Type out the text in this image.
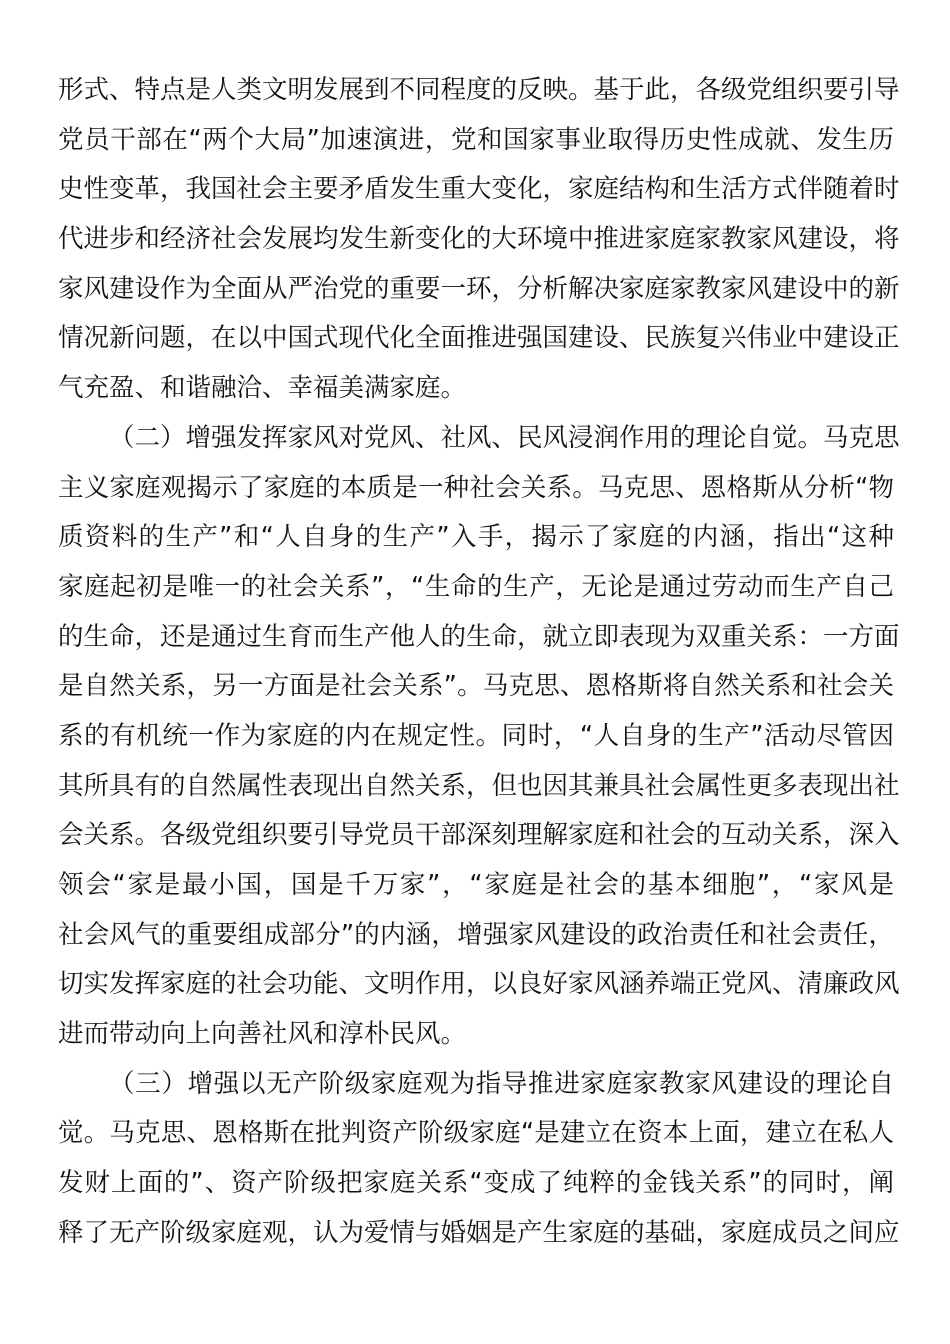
形式、特点是人类文明发展到不同程度的反映。基于此，各级党组织要引导
党员干部在“两个大局”加速演进，党和国家事业取得历史性成就、发生历
史性变革，我国社会主要矛盾发生重大变化，家庭结构和生活方式伴随着时
代进步和经济社会发展均发生新变化的大环境中推进家庭家教家风建设，将
家风建设作为全面从严治党的重要一环，分析解决家庭家教家风建设中的新
情况新问题，在以中国式现代化全面推进强国建设、民族复兴伟业中建设正
气充盈、和谐融洽、幸福美满家庭。
（二）增强发挥家风对党风、社风、民风浸润作用的理论自觉。马克思
主义家庭观揭示了家庭的本质是一种社会关系。马克思、恩格斯从分析“物
质资料的生产”和“人自身的生产”入手，揭示了家庭的内涵，指出“这种
家庭起初是唯一的社会关系”，“生命的生产，无论是通过劳动而生产自己
的生命，还是通过生育而生产他人的生命，就立即表现为双重关系：一方面
是自然关系，另一方面是社会关系”。马克思、恩格斯将自然关系和社会关
系的有机统一作为家庭的内在规定性。同时，“人自身的生产”活动尽管因
其所具有的自然属性表现出自然关系，但也因其兼具社会属性更多表现出社
会关系。各级党组织要引导党员干部深刻理解家庭和社会的互动关系，深入
领会“家是最小国，国是千万家”，“家庭是社会的基本细胞”，“家风是
社会风气的重要组成部分”的内涵，增强家风建设的政治责任和社会责任，
切实发挥家庭的社会功能、文明作用，以良好家风涵养端正党风、清廉政风
进而带动向上向善社风和淳朴民风。
（三）增强以无产阶级家庭观为指导推进家庭家教家风建设的理论自
觉。马克思、恩格斯在批判资产阶级家庭“是建立在资本上面，建立在私人
发财上面的”、资产阶级把家庭关系“变成了纯粹的金钱关系”的同时，阐
释了无产阶级家庭观，认为爱情与婚姻是产生家庭的基础，家庭成员之间应
